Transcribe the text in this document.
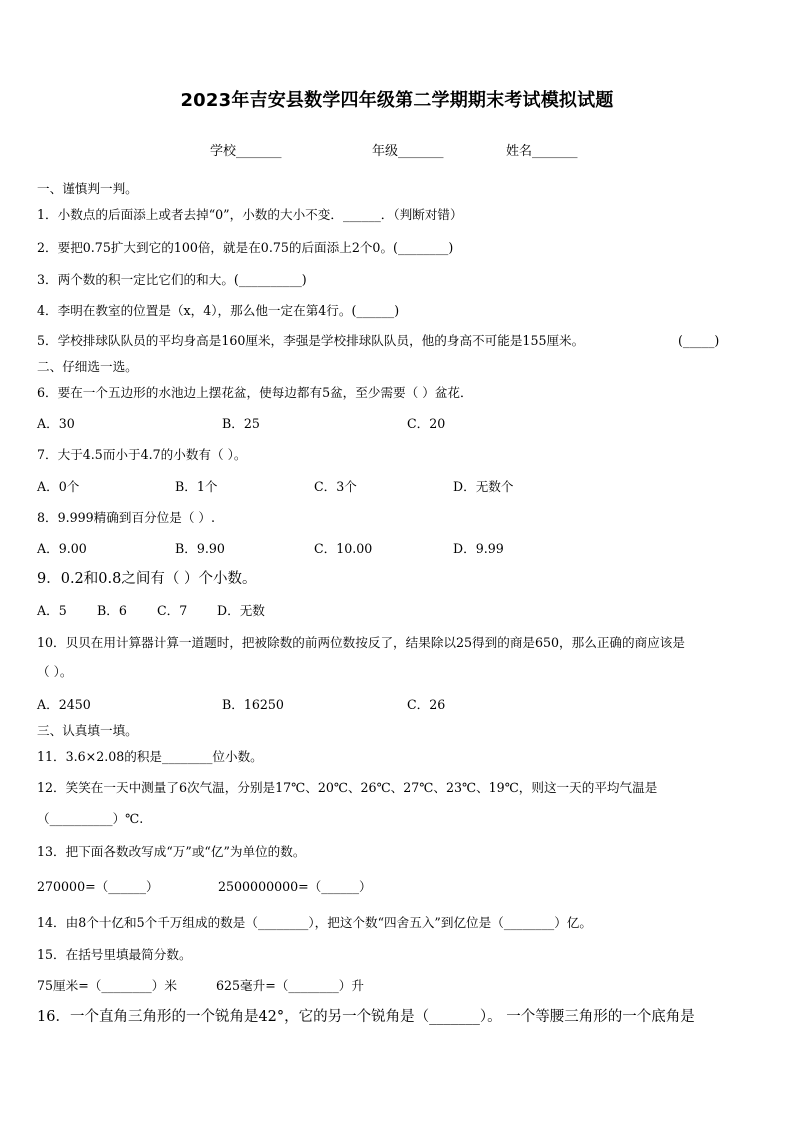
2023年吉安县数学四年级第二学期期末考试模拟试题
学校_______	年级_______	姓名_______
一、谨慎判一判。
1．小数点的后面添上或者去掉“0”，小数的大小不变．______．（判断对错）
2．要把0.75扩大到它的100倍，就是在0.75的后面添上2个0。(________)
3．两个数的积一定比它们的和大。(__________)
4．李明在教室的位置是（x，4），那么他一定在第4行。(______)
5．学校排球队队员的平均身高是160厘米，李强是学校排球队队员，他的身高不可能是155厘米。	(_____)
二、仔细选一选。
6．要在一个五边形的水池边上摆花盆，使每边都有5盆，至少需要（ ）盆花．
A．30	B．25	C．20
7．大于4.5而小于4.7的小数有（ ）。
A．0个	B．1个	C．3个	D．无数个
8．9.999精确到百分位是（ ）.
A．9.00	B．9.90	C．10.00	D．9.99
9．0.2和0.8之间有（ ）个小数。
A．5 B．6 C．7 D．无数
10．贝贝在用计算器计算一道题时，把被除数的前两位数按反了，结果除以25得到的商是650，那么正确的商应该是
（ ）。
A．2450	B．16250	C．26
三、认真填一填。
11．3.6×2.08的积是________位小数。
12．笑笑在一天中测量了6次气温，分别是17℃、20℃、26℃、27℃、23℃、19℃，则这一天的平均气温是
（__________）℃.
13．把下面各数改写成“万”或“亿”为单位的数。
270000=（______）	2500000000=（______）
14．由8个十亿和5个千万组成的数是（________），把这个数“四舍五入”到亿位是（________）亿。
15．在括号里填最简分数。
75厘米=（________）米	625毫升=（________）升
16．一个直角三角形的一个锐角是42°，它的另一个锐角是（_______）。 一个等腰三角形的一个底角是
